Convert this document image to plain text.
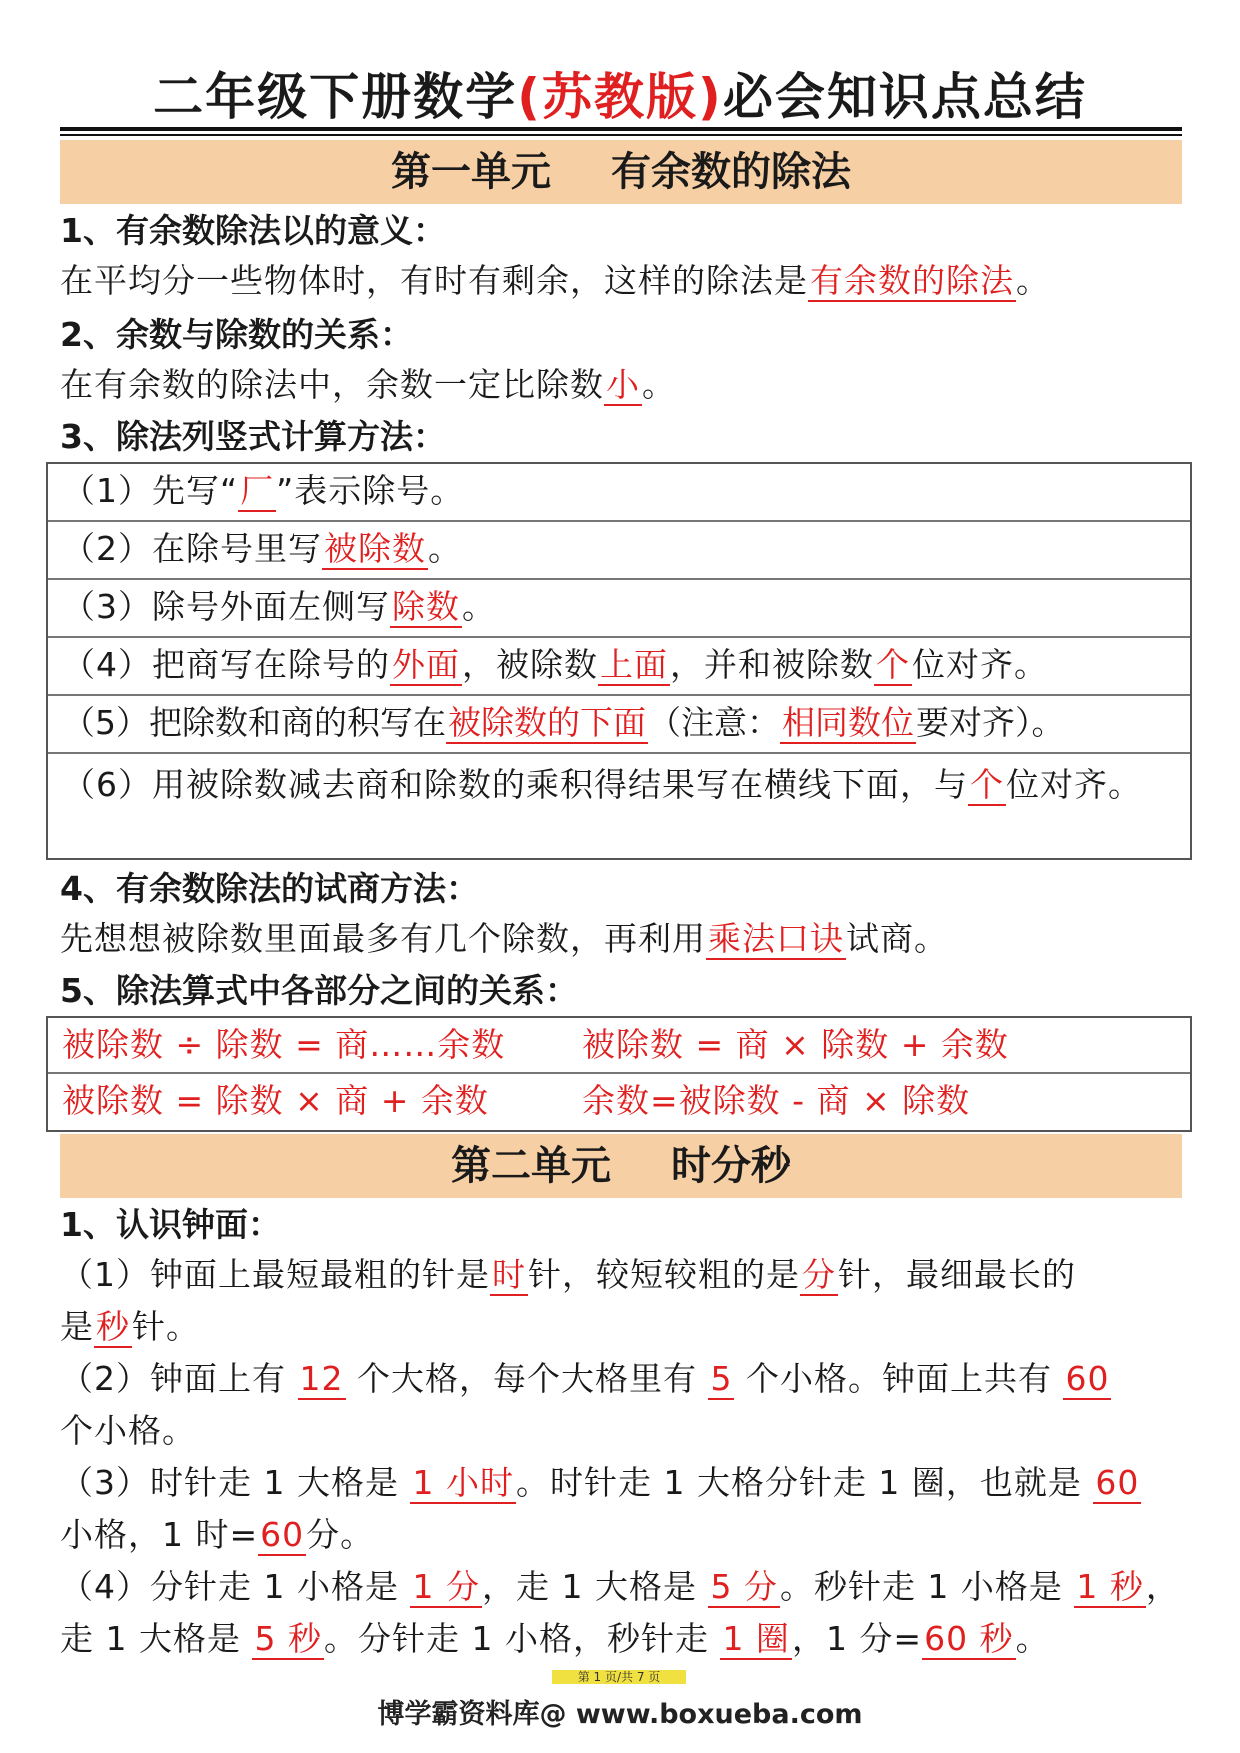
二年级下册数学(苏教版)必会知识点总结
第一单元 有余数的除法
1、有余数除法以的意义：
在平均分一些物体时，有时有剩余，这样的除法是有余数的除法。
2、余数与除数的关系：
在有余数的除法中，余数一定比除数小。
3、除法列竖式计算方法：
（1）先写“厂”表示除号。
（2）在除号里写被除数。
（3）除号外面左侧写除数。
（4）把商写在除号的外面，被除数上面，并和被除数个位对齐。
（5）把除数和商的积写在被除数的下面（注意：相同数位要对齐）。
（6）用被除数减去商和除数的乘积得结果写在横线下面，与个位对齐。
4、有余数除法的试商方法：
先想想被除数里面最多有几个除数，再利用乘法口诀试商。
5、除法算式中各部分之间的关系：
被除数 ÷ 除数 = 商……余数	被除数 = 商 × 除数 + 余数
被除数 = 除数 × 商 + 余数	余数=被除数 - 商 × 除数
第二单元 时分秒
1、认识钟面：
（1）钟面上最短最粗的针是时针，较短较粗的是分针，最细最长的
是秒针。
（2）钟面上有 12 个大格，每个大格里有 5 个小格。钟面上共有 60
个小格。
（3）时针走 1 大格是 1 小时。时针走 1 大格分针走 1 圈，也就是 60
小格，1 时=60分。
（4）分针走 1 小格是 1 分，走 1 大格是 5 分。秒针走 1 小格是 1 秒，
走 1 大格是 5 秒。分针走 1 小格，秒针走 1 圈，1 分=60 秒。
第 1 页/共 7 页
博学霸资料库@ www.boxueba.com
